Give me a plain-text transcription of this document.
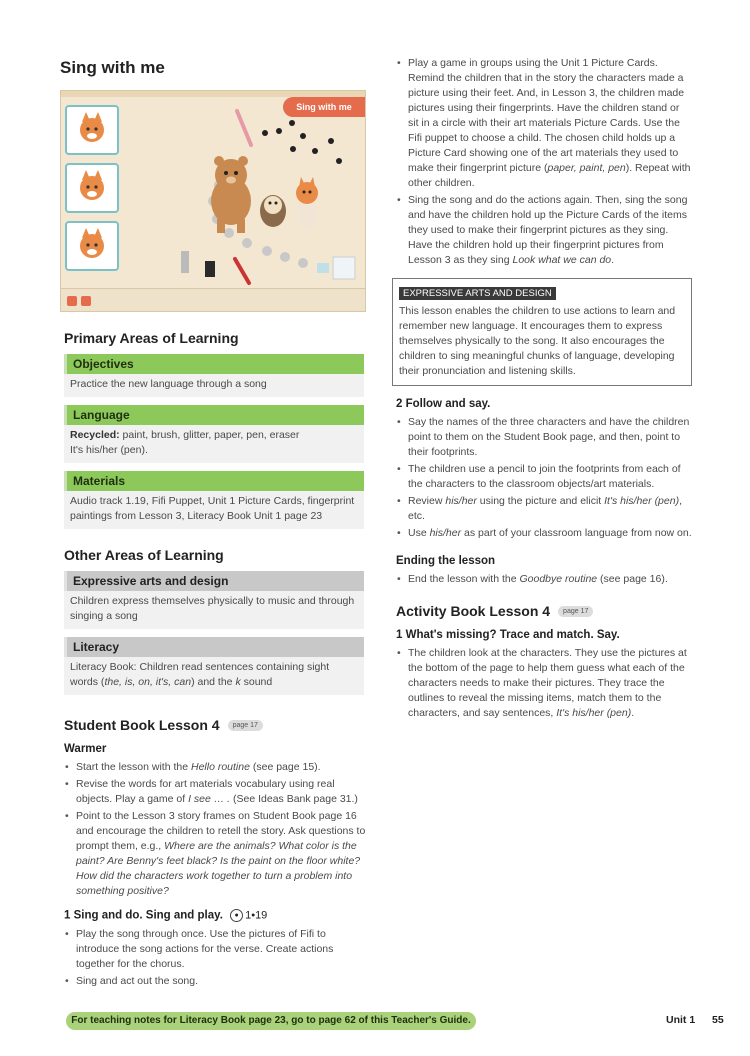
Sing with me
Sing with me
Primary Areas of Learning
Objectives
Practice the new language through a song
Language
Recycled: paint, brush, glitter, paper, pen, eraser
It's his/her (pen).
Materials
Audio track 1.19, Fifi Puppet, Unit 1 Picture Cards, fingerprint paintings from Lesson 3, Literacy Book Unit 1 page 23
Other Areas of Learning
Expressive arts and design
Children express themselves physically to music and through singing a song
Literacy
Literacy Book: Children read sentences containing sight words (the, is, on, it's, can) and the k sound
Student Book Lesson 4	page 17
Warmer
• Start the lesson with the Hello routine (see page 15).
• Revise the words for art materials vocabulary using real objects. Play a game of I see … . (See Ideas Bank page 31.)
• Point to the Lesson 3 story frames on Student Book page 16 and encourage the children to retell the story. Ask questions to prompt them, e.g., Where are the animals? What color is the paint? Are Benny's feet black? Is the paint on the floor white? How did the characters work together to turn a problem into something positive?
1 Sing and do. Sing and play. ● 1•19
• Play the song through once. Use the pictures of Fifi to introduce the song actions for the verse. Create actions together for the chorus.
• Sing and act out the song.
• Play a game in groups using the Unit 1 Picture Cards. Remind the children that in the story the characters made a picture using their feet. And, in Lesson 3, the children made pictures using their fingerprints. Have the children stand or sit in a circle with their art materials Picture Cards. Use the Fifi puppet to choose a child. The chosen child holds up a Picture Card showing one of the art materials they used to make their fingerprint picture (paper, paint, pen). Repeat with other children.
• Sing the song and do the actions again. Then, sing the song and have the children hold up the Picture Cards of the items they used to make their fingerprint pictures as they sing. Have the children hold up their fingerprint pictures from Lesson 3 as they sing Look what we can do.
EXPRESSIVE ARTS AND DESIGN
This lesson enables the children to use actions to learn and remember new language. It encourages them to express themselves physically to the song. It also encourages the children to sing meaningful chunks of language, developing their pronunciation and listening skills.
2 Follow and say.
• Say the names of the three characters and have the children point to them on the Student Book page, and then, point to their footprints.
• The children use a pencil to join the footprints from each of the characters to the classroom objects/art materials.
• Review his/her using the picture and elicit It's his/her (pen), etc.
• Use his/her as part of your classroom language from now on.
Ending the lesson
• End the lesson with the Goodbye routine (see page 16).
Activity Book Lesson 4	page 17
1 What's missing? Trace and match. Say.
• The children look at the characters. They use the pictures at the bottom of the page to help them guess what each of the characters needs to make their pictures. They trace the outlines to reveal the missing items, match them to the characters, and say sentences, It's his/her (pen).
For teaching notes for Literacy Book page 23, go to page 62 of this Teacher's Guide.	Unit 1 55
